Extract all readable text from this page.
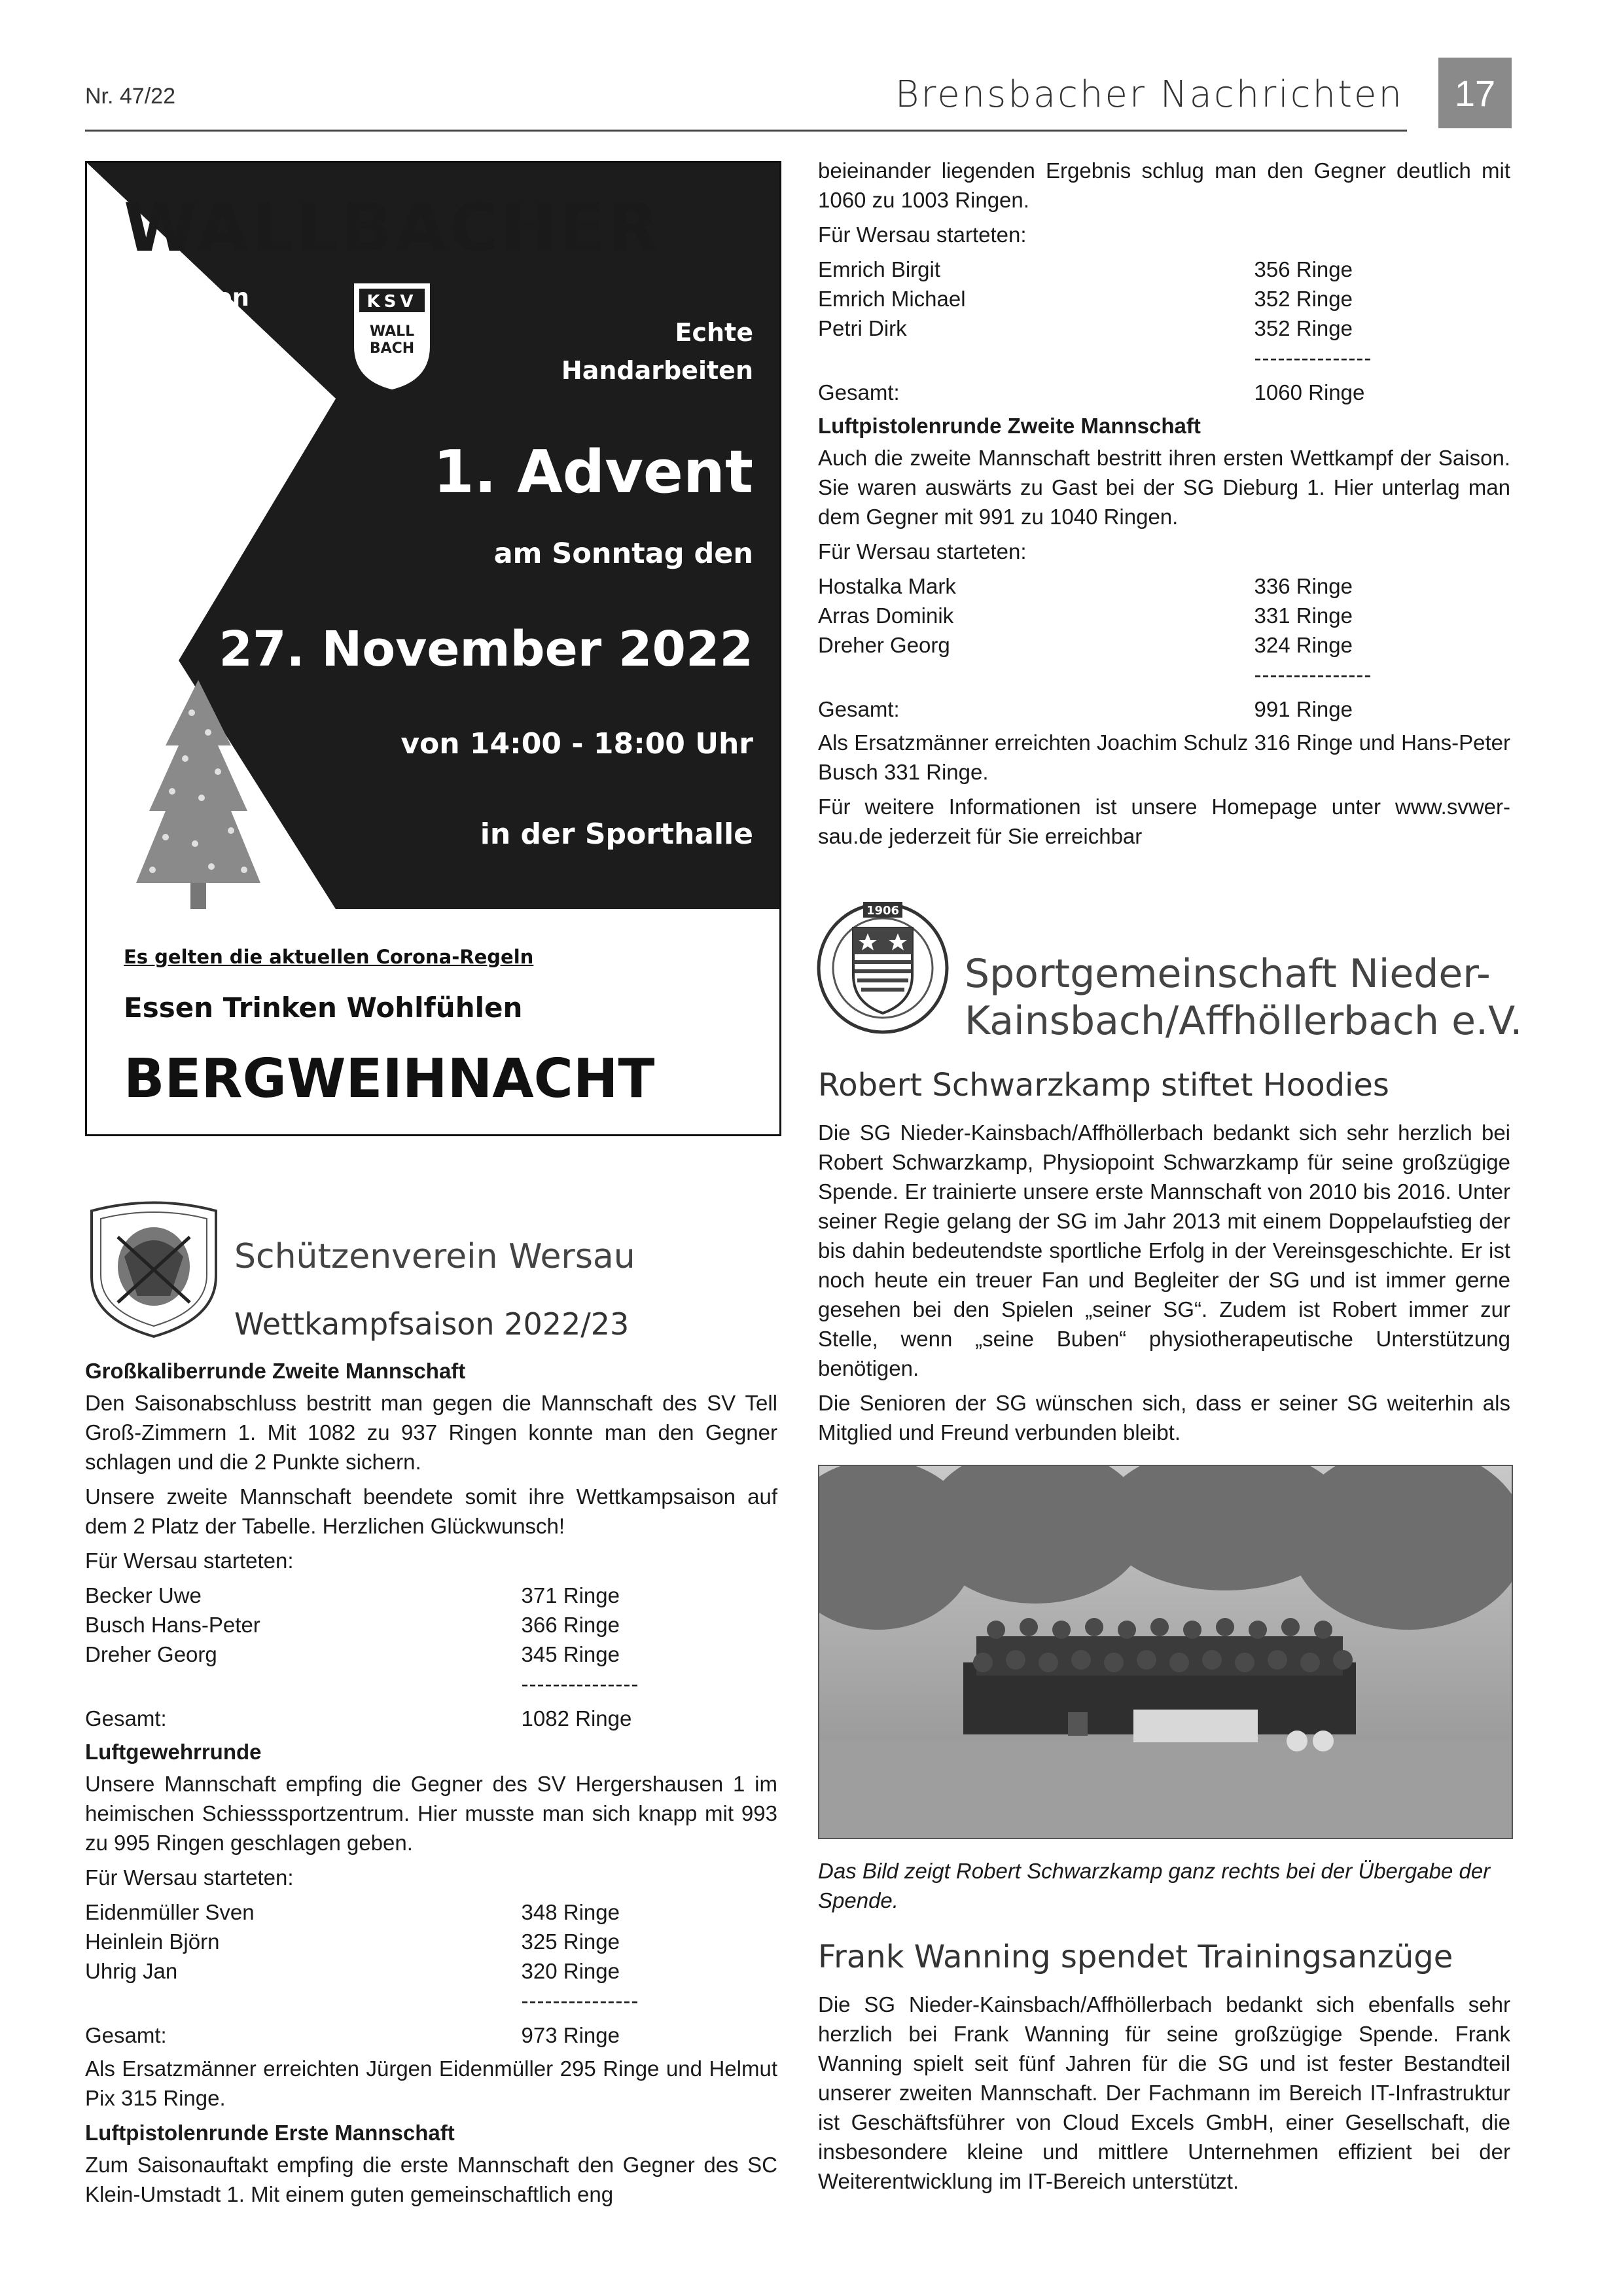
Nr. 47/22	Brensbacher Nachrichten	17
WALLBACHER
gebacken
gebastelt
gestrickt
gehäkelt
gekocht
gestickt
KSV
WALL
BACH
Echte
Handarbeiten
1. Advent
am Sonntag den
27. November 2022
von 14:00 - 18:00 Uhr
in der Sporthalle
Es gelten die aktuellen Corona-Regeln
Essen Trinken Wohlfühlen
BERGWEIHNACHT
Schützenverein Wersau
Wettkampfsaison 2022/23

Großkaliberrunde Zweite Mannschaft

Den Saisonabschluss bestritt man gegen die Mannschaft des SV Tell Groß-Zimmern 1. Mit 1082 zu 937 Ringen konnte man den Gegner schlagen und die 2 Punkte sichern.

Unsere zweite Mannschaft beendete somit ihre Wettkampsaison auf dem 2 Platz der Tabelle. Herzlichen Glückwunsch!

Für Wersau starteten:

Becker Uwe	371 Ringe
Busch Hans-Peter	366 Ringe
Dreher Georg	345 Ringe
	---------------
Gesamt:	1082 Ringe

Luftgewehrrunde

Unsere Mannschaft empfing die Gegner des SV Hergershausen 1 im heimischen Schiesssportzentrum. Hier musste man sich knapp mit 993 zu 995 Ringen geschlagen geben.

Für Wersau starteten:

Eidenmüller Sven	348 Ringe
Heinlein Björn	325 Ringe
Uhrig Jan	320 Ringe
	---------------
Gesamt:	973 Ringe

Als Ersatzmänner erreichten Jürgen Eidenmüller 295 Ringe und Helmut Pix 315 Ringe.

Luftpistolenrunde Erste Mannschaft

Zum Saisonauftakt empfing die erste Mannschaft den Gegner des SC Klein-Umstadt 1. Mit einem guten gemeinschaftlich eng

beieinander liegenden Ergebnis schlug man den Gegner deutlich mit 1060 zu 1003 Ringen.

Für Wersau starteten:

Emrich Birgit	356 Ringe
Emrich Michael	352 Ringe
Petri Dirk	352 Ringe
	---------------
Gesamt:	1060 Ringe

Luftpistolenrunde Zweite Mannschaft

Auch die zweite Mannschaft bestritt ihren ersten Wettkampf der Saison. Sie waren auswärts zu Gast bei der SG Dieburg 1. Hier unterlag man dem Gegner mit 991 zu 1040 Ringen.

Für Wersau starteten:

Hostalka Mark	336 Ringe
Arras Dominik	331 Ringe
Dreher Georg	324 Ringe
	---------------
Gesamt:	991 Ringe

Als Ersatzmänner erreichten Joachim Schulz 316 Ringe und Hans-Peter Busch 331 Ringe.

Für weitere Informationen ist unsere Homepage unter www.svwer-sau.de jederzeit für Sie erreichbar

1906
Sportgemeinschaft Nieder-
Kainsbach/Affhöllerbach e.V.
Robert Schwarzkamp stiftet Hoodies

Die SG Nieder-Kainsbach/Affhöllerbach bedankt sich sehr herzlich bei Robert Schwarzkamp, Physiopoint Schwarzkamp für seine großzügige Spende. Er trainierte unsere erste Mannschaft von 2010 bis 2016. Unter seiner Regie gelang der SG im Jahr 2013 mit einem Doppelaufstieg der bis dahin bedeutendste sportliche Erfolg in der Vereinsgeschichte. Er ist noch heute ein treuer Fan und Begleiter der SG und ist immer gerne gesehen bei den Spielen „seiner SG“. Zudem ist Robert immer zur Stelle, wenn „seine Buben“ physiotherapeutische Unterstützung benötigen.

Die Senioren der SG wünschen sich, dass er seiner SG weiterhin als Mitglied und Freund verbunden bleibt.

Das Bild zeigt Robert Schwarzkamp ganz rechts bei der Übergabe der Spende.

Frank Wanning spendet Trainingsanzüge

Die SG Nieder-Kainsbach/Affhöllerbach bedankt sich ebenfalls sehr herzlich bei Frank Wanning für seine großzügige Spende. Frank Wanning spielt seit fünf Jahren für die SG und ist fester Bestandteil unserer zweiten Mannschaft. Der Fachmann im Bereich IT-Infrastruktur ist Geschäftsführer von Cloud Excels GmbH, einer Gesellschaft, die insbesondere kleine und mittlere Unternehmen effizient bei der Weiterentwicklung im IT-Bereich unterstützt.
